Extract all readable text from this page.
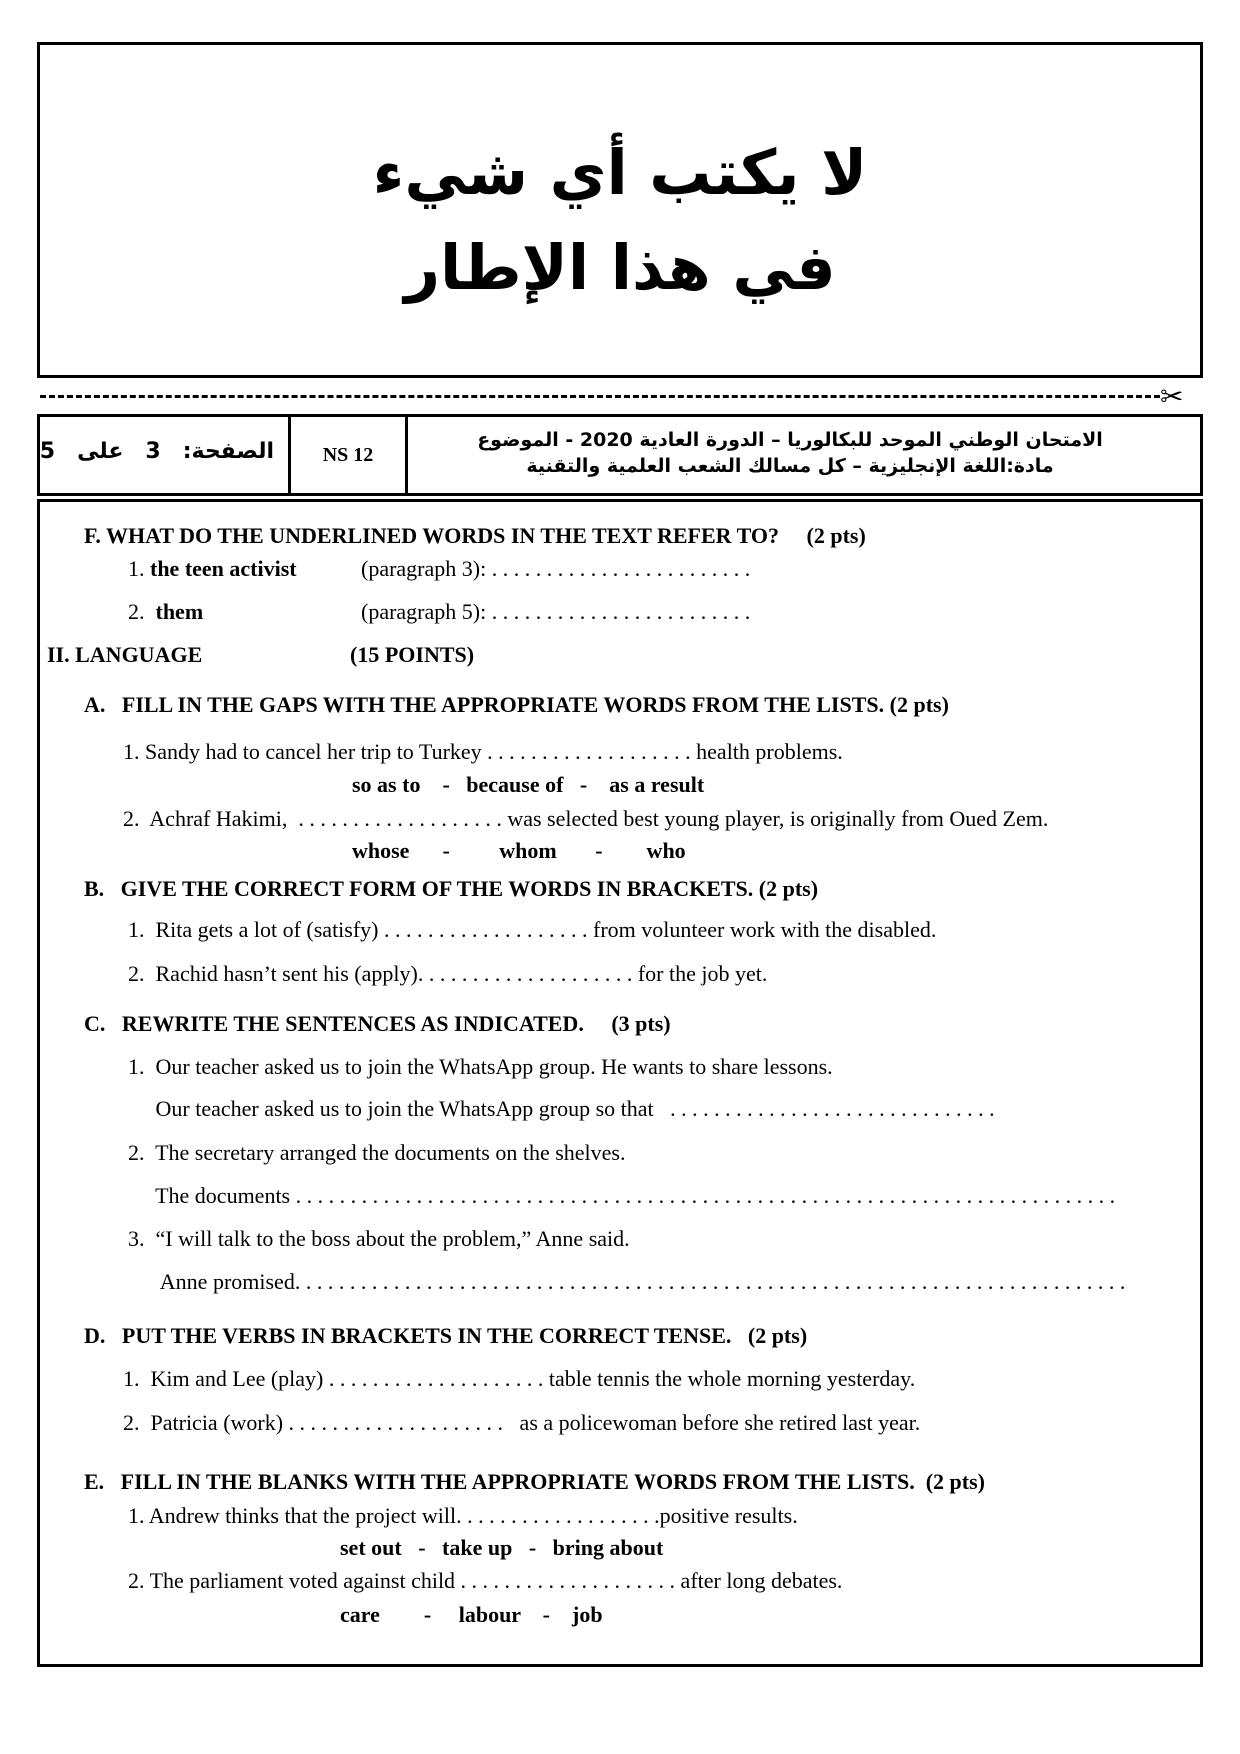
لا يكتب أي شيء
في هذا الإطار
✂
الصفحة:
3
على
5	NS 12
الامتحان الوطني الموحد للبكالوريا – الدورة العادية 2020 - الموضوع
مادة:اللغة الإنجليزية – كل مسالك الشعب العلمية والتقنية
F. WHAT DO THE UNDERLINED WORDS IN THE TEXT REFER TO?     (2 pts)
1. the teen activist	(paragraph 3): . . . . . . . . . . . . . . . . . . . . . . . .
2. them	(paragraph 5): . . . . . . . . . . . . . . . . . . . . . . . .
II. LANGUAGE	(15 POINTS)
A.   FILL IN THE GAPS WITH THE APPROPRIATE WORDS FROM THE LISTS. (2 pts)
1. Sandy had to cancel her trip to Turkey . . . . . . . . . . . . . . . . . . . health problems.
so as to    -   because of   -    as a result
2.  Achraf Hakimi,  . . . . . . . . . . . . . . . . . . . was selected best young player, is originally from Oued Zem.
whose      -         whom       -        who
B.   GIVE THE CORRECT FORM OF THE WORDS IN BRACKETS. (2 pts)
1.  Rita gets a lot of (satisfy) . . . . . . . . . . . . . . . . . . . from volunteer work with the disabled.
2.  Rachid hasn’t sent his (apply). . . . . . . . . . . . . . . . . . . . for the job yet.
C.   REWRITE THE SENTENCES AS INDICATED.     (3 pts)
1.  Our teacher asked us to join the WhatsApp group. He wants to share lessons.
Our teacher asked us to join the WhatsApp group so that   . . . . . . . . . . . . . . . . . . . . . . . . . . . . . .
2.  The secretary arranged the documents on the shelves.
The documents . . . . . . . . . . . . . . . . . . . . . . . . . . . . . . . . . . . . . . . . . . . . . . . . . . . . . . . . . . . . . . . . . . . . . . . . . . .
3.  “I will talk to the boss about the problem,” Anne said.
Anne promised. . . . . . . . . . . . . . . . . . . . . . . . . . . . . . . . . . . . . . . . . . . . . . . . . . . . . . . . . . . . . . . . . . . . . . . . . . . .
D.   PUT THE VERBS IN BRACKETS IN THE CORRECT TENSE.   (2 pts)
1.  Kim and Lee (play) . . . . . . . . . . . . . . . . . . . . table tennis the whole morning yesterday.
2.  Patricia (work) . . . . . . . . . . . . . . . . . . . .   as a policewoman before she retired last year.
E.   FILL IN THE BLANKS WITH THE APPROPRIATE WORDS FROM THE LISTS.  (2 pts)
1. Andrew thinks that the project will. . . . . . . . . . . . . . . . . . .positive results.
set out   -   take up   -   bring about
2. The parliament voted against child . . . . . . . . . . . . . . . . . . . . after long debates.
care        -     labour    -    job
